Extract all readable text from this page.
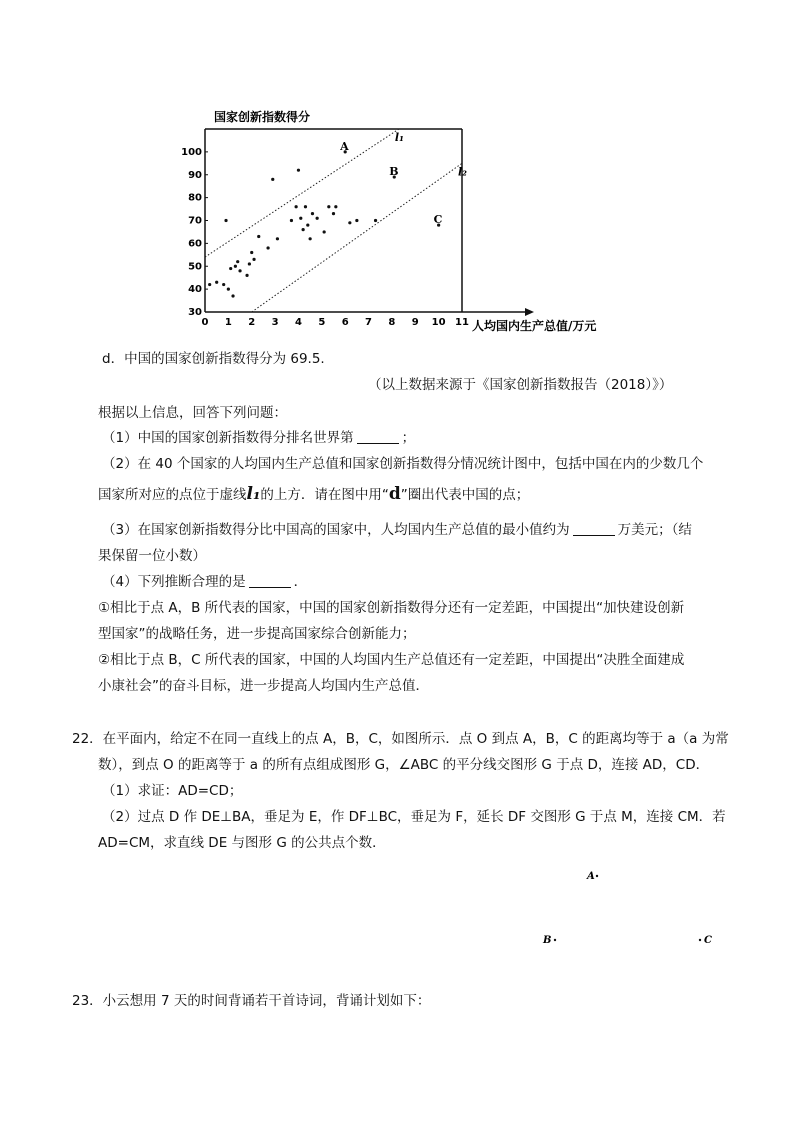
国家创新指数得分
人均国内生产总值/万元
0 1 2 3 4 5 6 7 8 9 10 11
30
40
50
60
70
80
90
100
l₁
l₂
A
B
C
d．中国的国家创新指数得分为 69.5.
（以上数据来源于《国家创新指数报告（2018）》）
根据以上信息，回答下列问题：
（1）中国的国家创新指数得分排名世界第	；
（2）在 40 个国家的人均国内生产总值和国家创新指数得分情况统计图中，包括中国在内的少数几个
国家所对应的点位于虚线l₁的上方．请在图中用“d”圈出代表中国的点；
（3）在国家创新指数得分比中国高的国家中，人均国内生产总值的最小值约为	万美元；（结
果保留一位小数）
（4）下列推断合理的是	．
①相比于点 A，B 所代表的国家，中国的国家创新指数得分还有一定差距，中国提出“加快建设创新
型国家”的战略任务，进一步提高国家综合创新能力；
②相比于点 B，C 所代表的国家，中国的人均国内生产总值还有一定差距，中国提出“决胜全面建成
小康社会”的奋斗目标，进一步提高人均国内生产总值．
22．在平面内，给定不在同一直线上的点 A，B，C，如图所示．点 O 到点 A，B，C 的距离均等于 a（a 为常
数），到点 O 的距离等于 a 的所有点组成图形 G，∠ABC 的平分线交图形 G 于点 D，连接 AD，CD．
（1）求证：AD=CD；
（2）过点 D 作 DE⊥BA，垂足为 E，作 DF⊥BC，垂足为 F，延长 DF 交图形 G 于点 M，连接 CM．若
AD=CM，求直线 DE 与图形 G 的公共点个数．
A
B	C
23．小云想用 7 天的时间背诵若干首诗词，背诵计划如下：
